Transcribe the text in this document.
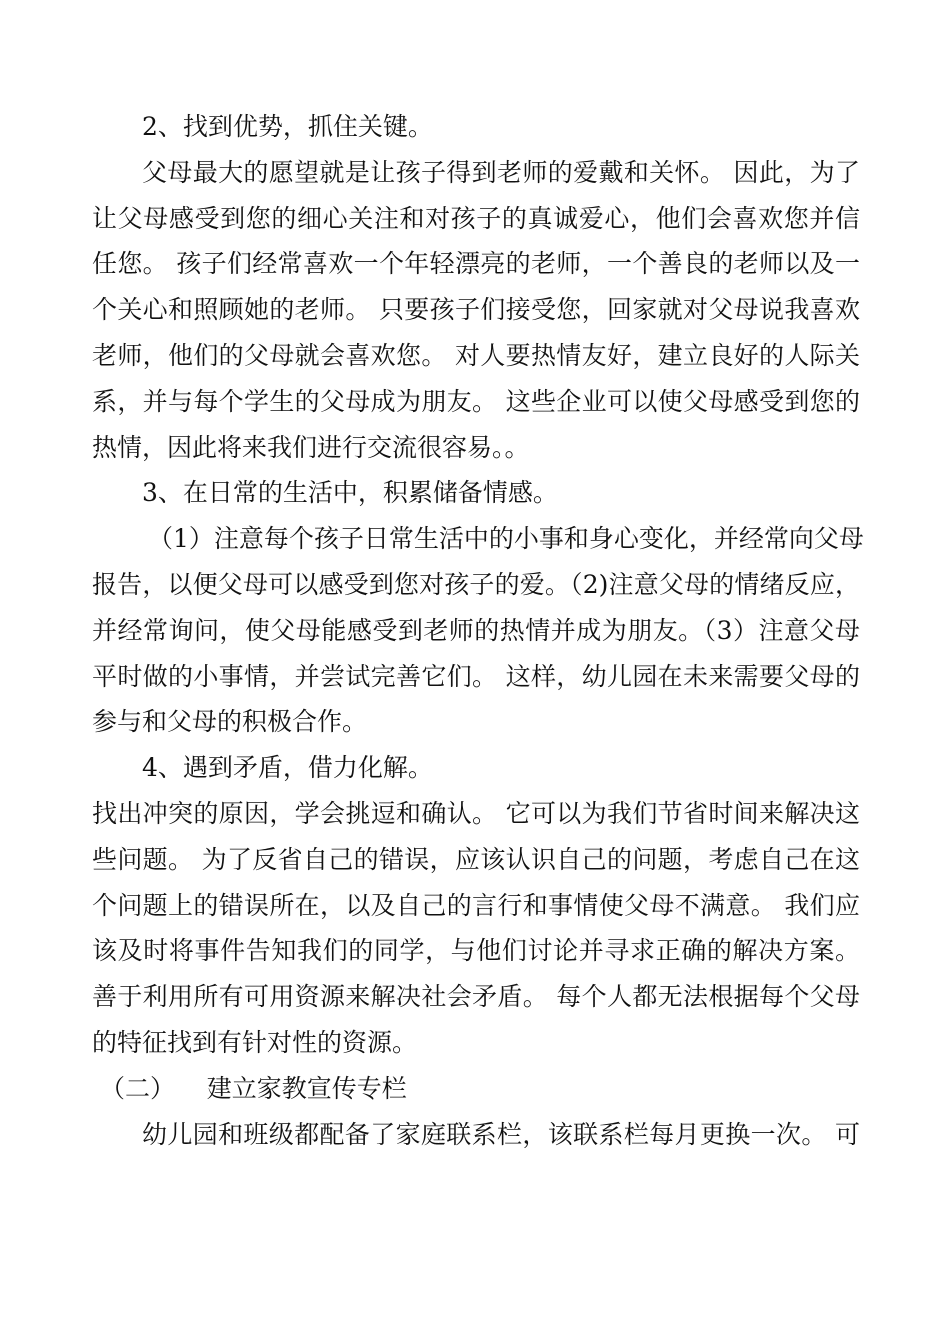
2、找到优势，抓住关键。
父母最大的愿望就是让孩子得到老师的爱戴和关怀。 因此，为了
让父母感受到您的细心关注和对孩子的真诚爱心，他们会喜欢您并信
任您。 孩子们经常喜欢一个年轻漂亮的老师，一个善良的老师以及一
个关心和照顾她的老师。 只要孩子们接受您，回家就对父母说我喜欢
老师，他们的父母就会喜欢您。 对人要热情友好，建立良好的人际关
系，并与每个学生的父母成为朋友。 这些企业可以使父母感受到您的
热情，因此将来我们进行交流很容易。。
3、在日常的生活中，积累储备情感。
（1）注意每个孩子日常生活中的小事和身心变化，并经常向父母
报告，以便父母可以感受到您对孩子的爱。（2)注意父母的情绪反应，
并经常询问，使父母能感受到老师的热情并成为朋友。（3）注意父母
平时做的小事情，并尝试完善它们。 这样，幼儿园在未来需要父母的
参与和父母的积极合作。
4、遇到矛盾，借力化解。
找出冲突的原因，学会挑逗和确认。 它可以为我们节省时间来解决这
些问题。 为了反省自己的错误，应该认识自己的问题，考虑自己在这
个问题上的错误所在，以及自己的言行和事情使父母不满意。 我们应
该及时将事件告知我们的同学，与他们讨论并寻求正确的解决方案。
善于利用所有可用资源来解决社会矛盾。 每个人都无法根据每个父母
的特征找到有针对性的资源。
（二）    建立家教宣传专栏
幼儿园和班级都配备了家庭联系栏，该联系栏每月更换一次。 可
